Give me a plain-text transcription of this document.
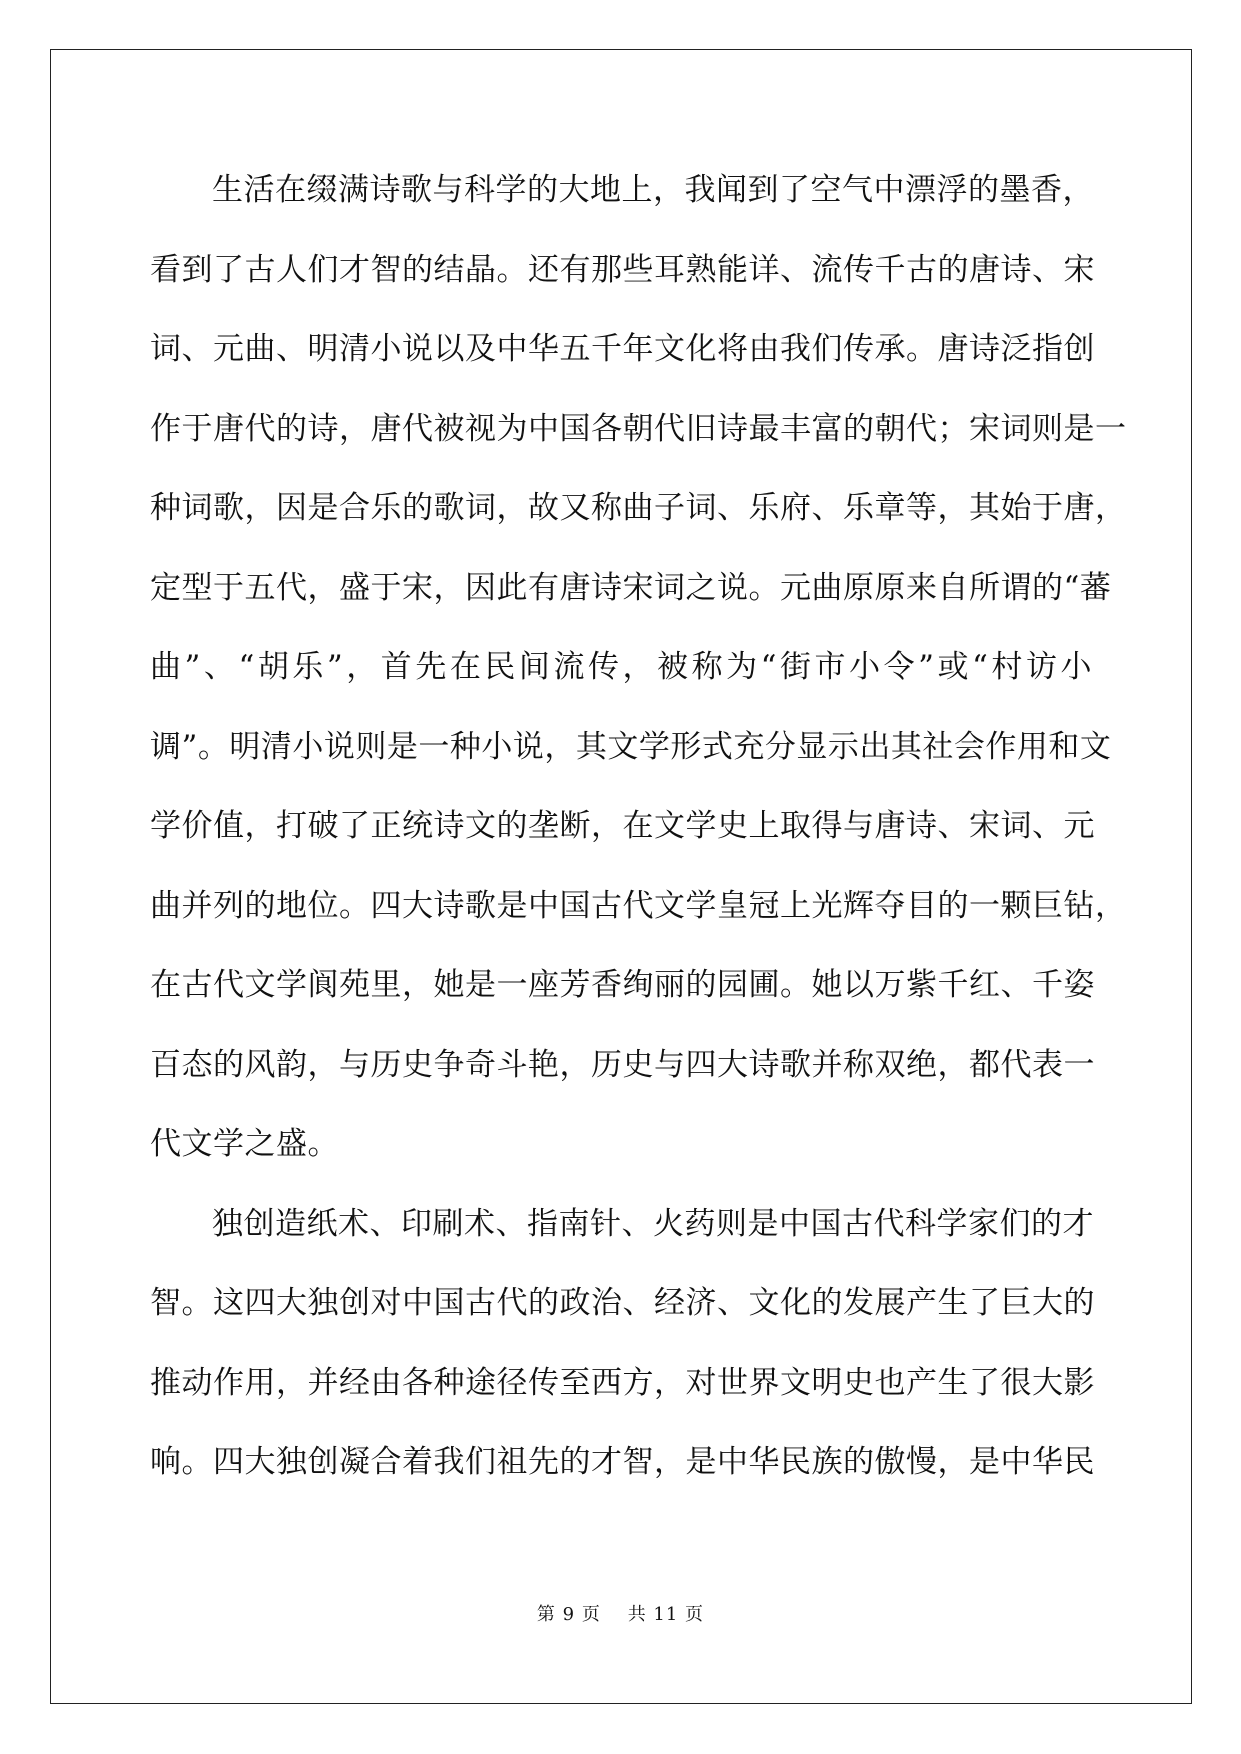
生活在缀满诗歌与科学的大地上，我闻到了空气中漂浮的墨香，
看到了古人们才智的结晶。还有那些耳熟能详、流传千古的唐诗、宋
词、元曲、明清小说以及中华五千年文化将由我们传承。唐诗泛指创
作于唐代的诗，唐代被视为中国各朝代旧诗最丰富的朝代；宋词则是一
种词歌，因是合乐的歌词，故又称曲子词、乐府、乐章等，其始于唐，
定型于五代，盛于宋，因此有唐诗宋词之说。元曲原原来自所谓的“蕃
曲”、“胡乐”，首先在民间流传，被称为“街市小令”或“村访小
调”。明清小说则是一种小说，其文学形式充分显示出其社会作用和文
学价值，打破了正统诗文的垄断，在文学史上取得与唐诗、宋词、元
曲并列的地位。四大诗歌是中国古代文学皇冠上光辉夺目的一颗巨钻，
在古代文学阆苑里，她是一座芳香绚丽的园圃。她以万紫千红、千姿
百态的风韵，与历史争奇斗艳，历史与四大诗歌并称双绝，都代表一
代文学之盛。
独创造纸术、印刷术、指南针、火药则是中国古代科学家们的才
智。这四大独创对中国古代的政治、经济、文化的发展产生了巨大的
推动作用，并经由各种途径传至西方，对世界文明史也产生了很大影
响。四大独创凝合着我们祖先的才智，是中华民族的傲慢，是中华民
第 9 页    共 11 页
